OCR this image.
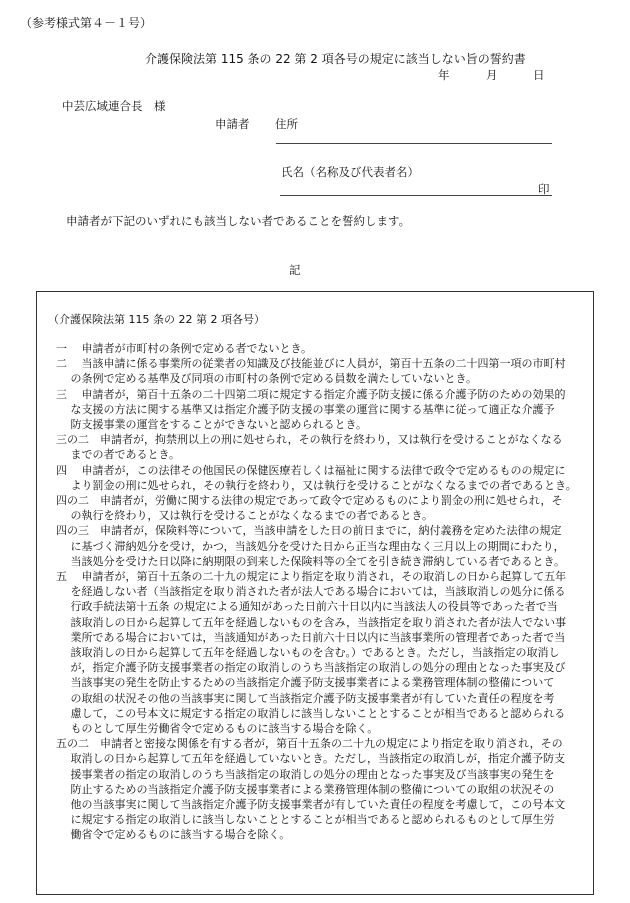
（参考様式第４－１号）
介護保険法第 115 条の 22 第 2 項各号の規定に該当しない旨の誓約書
年	月	日
中芸広域連合長　様
申請者 住所
氏名（名称及び代表者名）
印
申請者が下記のいずれにも該当しない者であることを誓約します。
記
（介護保険法第 115 条の 22 第 2 項各号）
一　 申請者が市町村の条例で定める者でないとき。
二　 当該申請に係る事業所の従業者の知識及び技能並びに人員が，第百十五条の二十四第一項の市町村
　 の条例で定める基準及び同項の市町村の条例で定める員数を満たしていないとき。
三　 申請者が，第百十五条の二十四第二項に規定する指定介護予防支援に係る介護予防のための効果的
　 な支援の方法に関する基準又は指定介護予防支援の事業の運営に関する基準に従って適正な介護予
　 防支援事業の運営をすることができないと認められるとき。
三の二　申請者が，拘禁刑以上の刑に処せられ，その執行を終わり，又は執行を受けることがなくなる
　 までの者であるとき。
四　 申請者が，この法律その他国民の保健医療若しくは福祉に関する法律で政令で定めるものの規定に
　 より罰金の刑に処せられ，その執行を終わり，又は執行を受けることがなくなるまでの者であるとき。
四の二　申請者が，労働に関する法律の規定であって政令で定めるものにより罰金の刑に処せられ，そ
　 の執行を終わり，又は執行を受けることがなくなるまでの者であるとき。
四の三　申請者が，保険料等について，当該申請をした日の前日までに，納付義務を定めた法律の規定
　 に基づく滞納処分を受け，かつ，当該処分を受けた日から正当な理由なく三月以上の期間にわたり，
　 当該処分を受けた日以降に納期限の到来した保険料等の全てを引き続き滞納している者であるとき。
五　 申請者が，第百十五条の二十九の規定により指定を取り消され，その取消しの日から起算して五年
　 を経過しない者（当該指定を取り消された者が法人である場合においては，当該取消しの処分に係る
　 行政手続法第十五条 の規定による通知があった日前六十日以内に当該法人の役員等であった者で当
　 該取消しの日から起算して五年を経過しないものを含み，当該指定を取り消された者が法人でない事
　 業所である場合においては，当該通知があった日前六十日以内に当該事業所の管理者であった者で当
　 該取消しの日から起算して五年を経過しないものを含む。）であるとき。ただし，当該指定の取消し
　 が，指定介護予防支援事業者の指定の取消しのうち当該指定の取消しの処分の理由となった事実及び
　 当該事実の発生を防止するための当該指定介護予防支援事業者による業務管理体制の整備について
　 の取組の状況その他の当該事実に関して当該指定介護予防支援事業者が有していた責任の程度を考
　 慮して，この号本文に規定する指定の取消しに該当しないこととすることが相当であると認められる
　 ものとして厚生労働省令で定めるものに該当する場合を除く。
五の二　申請者と密接な関係を有する者が，第百十五条の二十九の規定により指定を取り消され，その
　 取消しの日から起算して五年を経過していないとき。ただし，当該指定の取消しが，指定介護予防支
　 援事業者の指定の取消しのうち当該指定の取消しの処分の理由となった事実及び当該事実の発生を
　 防止するための当該指定介護予防支援事業者による業務管理体制の整備についての取組の状況その
　 他の当該事実に関して当該指定介護予防支援事業者が有していた責任の程度を考慮して，この号本文
　 に規定する指定の取消しに該当しないこととすることが相当であると認められるものとして厚生労
　 働省令で定めるものに該当する場合を除く。
